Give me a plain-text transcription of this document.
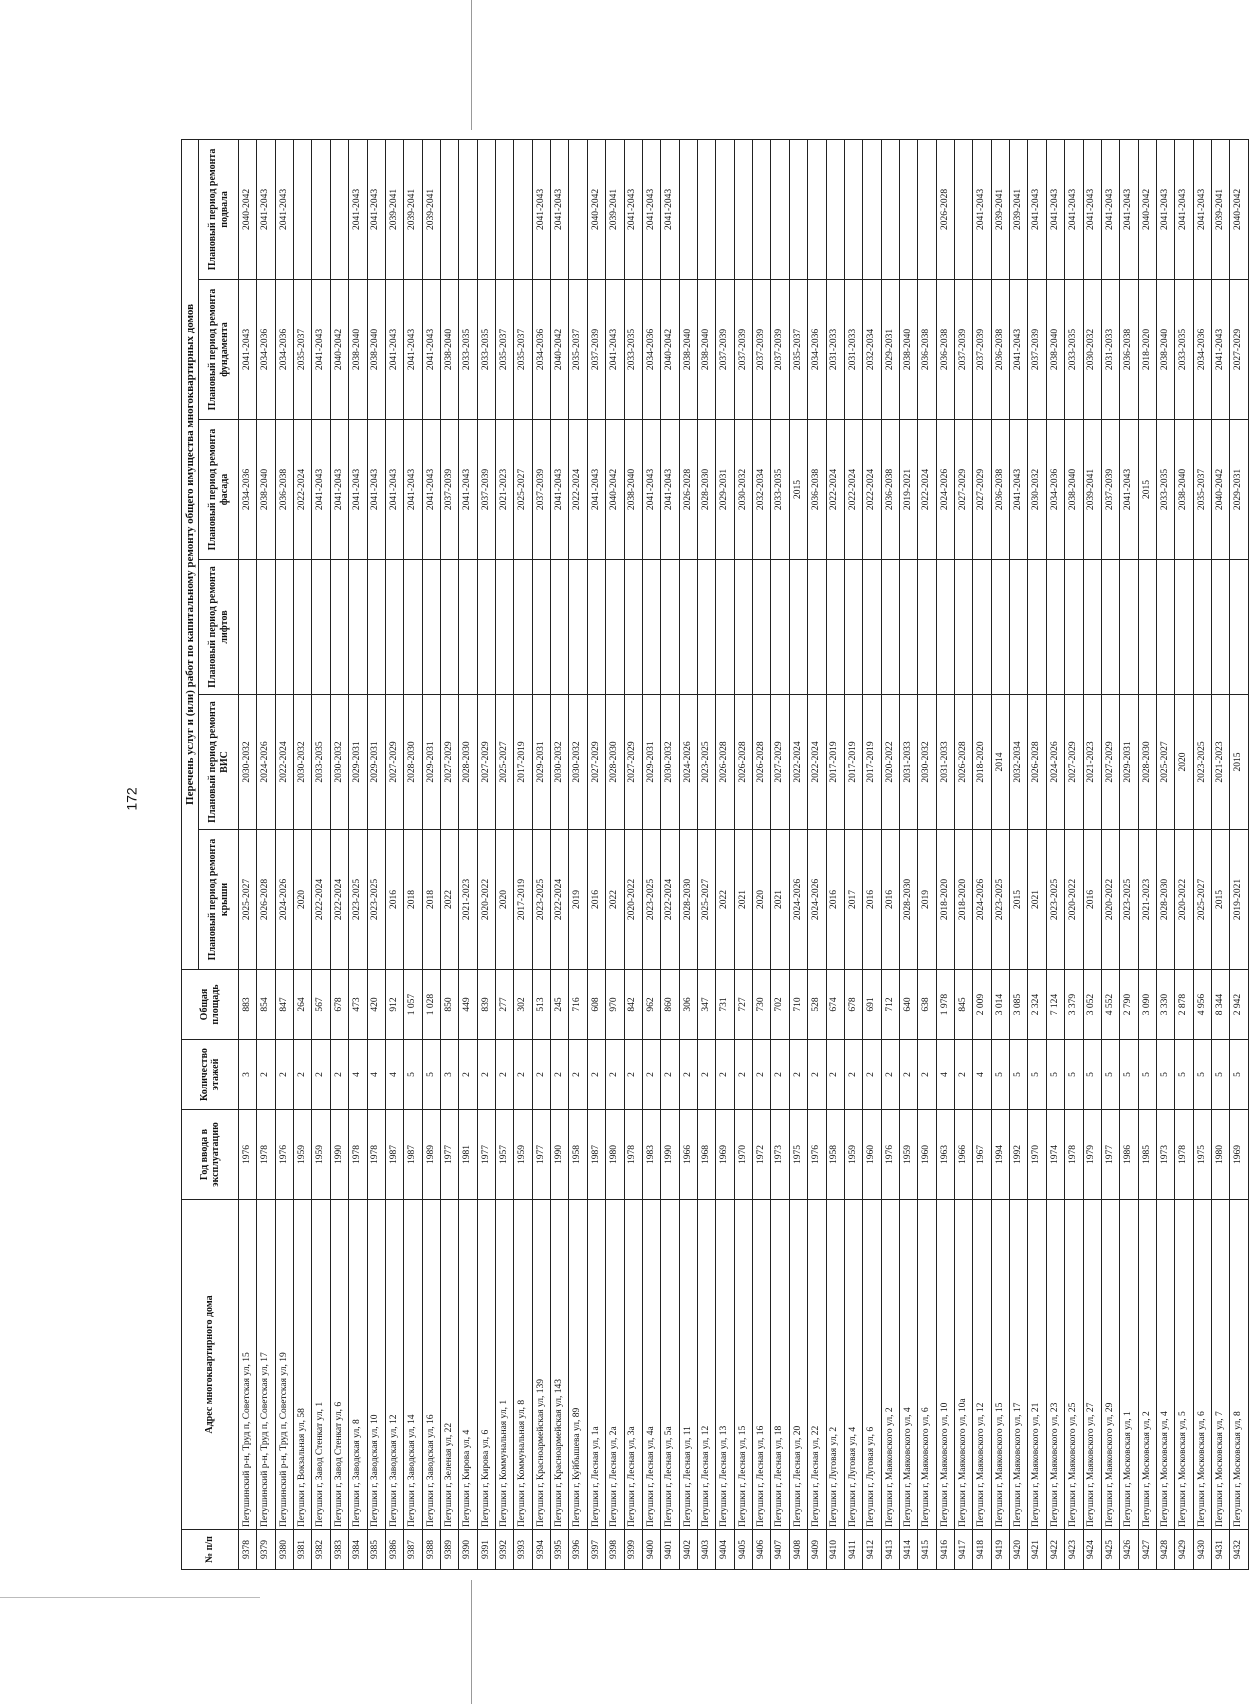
172
№ п/п	Адрес многоквартирного дома	Год ввода в эксплуатацию	Количество этажей	Общая площадь	Перечень услуг и (или) работ по капитальному ремонту общего имущества многоквартирных домов					
					Плановый период ремонта крыши	Плановый период ремонта ВИС	Плановый период ремонта лифтов	Плановый период ремонта фасада	Плановый период ремонта фундамента	Плановый период ремонта подвала
9378	Петушинский р-н, Труд п, Советская ул, 15	1976	3	883	2025-2027	2030-2032		2034-2036	2041-2043	2040-2042
9379	Петушинский р-н, Труд п, Советская ул, 17	1978	2	854	2026-2028	2024-2026		2038-2040	2034-2036	2041-2043
9380	Петушинский р-н, Труд п, Советская ул, 19	1976	2	847	2024-2026	2022-2024		2036-2038	2034-2036	2041-2043
9381	Петушки г, Вокзальная ул, 58	1959	2	264	2020	2030-2032		2022-2024	2035-2037	
9382	Петушки г, Завод Стенкат ул, 1	1959	2	567	2022-2024	2033-2035		2041-2043	2041-2043	
9383	Петушки г, Завод Стенкат ул, 6	1990	2	678	2022-2024	2030-2032		2041-2043	2040-2042	
9384	Петушки г, Заводская ул, 8	1978	4	473	2023-2025	2029-2031		2041-2043	2038-2040	2041-2043
9385	Петушки г, Заводская ул, 10	1978	4	420	2023-2025	2029-2031		2041-2043	2038-2040	2041-2043
9386	Петушки г, Заводская ул, 12	1987	4	912	2016	2027-2029		2041-2043	2041-2043	2039-2041
9387	Петушки г, Заводская ул, 14	1987	5	1 057	2018	2028-2030		2041-2043	2041-2043	2039-2041
9388	Петушки г, Заводская ул, 16	1989	5	1 028	2018	2029-2031		2041-2043	2041-2043	2039-2041
9389	Петушки г, Зеленая ул, 22	1977	3	850	2022	2027-2029		2037-2039	2038-2040	
9390	Петушки г, Кирова ул, 4	1981	2	449	2021-2023	2028-2030		2041-2043	2033-2035	
9391	Петушки г, Кирова ул, 6	1977	2	839	2020-2022	2027-2029		2037-2039	2033-2035	
9392	Петушки г, Коммунальная ул, 1	1957	2	277	2020	2025-2027		2021-2023	2035-2037	
9393	Петушки г, Коммунальная ул, 8	1959	2	302	2017-2019	2017-2019		2025-2027	2035-2037	
9394	Петушки г, Красноармейская ул, 139	1977	2	513	2023-2025	2029-2031		2037-2039	2034-2036	2041-2043
9395	Петушки г, Красноармейская ул, 143	1990	2	245	2022-2024	2030-2032		2041-2043	2040-2042	2041-2043
9396	Петушки г, Куйбышева ул, 89	1958	2	716	2019	2030-2032		2022-2024	2035-2037	
9397	Петушки г, Лесная ул, 1а	1987	2	608	2016	2027-2029		2041-2043	2037-2039	2040-2042
9398	Петушки г, Лесная ул, 2а	1980	2	970	2022	2028-2030		2040-2042	2041-2043	2039-2041
9399	Петушки г, Лесная ул, 3а	1978	2	842	2020-2022	2027-2029		2038-2040	2033-2035	2041-2043
9400	Петушки г, Лесная ул, 4а	1983	2	962	2023-2025	2029-2031		2041-2043	2034-2036	2041-2043
9401	Петушки г, Лесная ул, 5а	1990	2	860	2022-2024	2030-2032		2041-2043	2040-2042	2041-2043
9402	Петушки г, Лесная ул, 11	1966	2	306	2028-2030	2024-2026		2026-2028	2038-2040	
9403	Петушки г, Лесная ул, 12	1968	2	347	2025-2027	2023-2025		2028-2030	2038-2040	
9404	Петушки г, Лесная ул, 13	1969	2	731	2022	2026-2028		2029-2031	2037-2039	
9405	Петушки г, Лесная ул, 15	1970	2	727	2021	2026-2028		2030-2032	2037-2039	
9406	Петушки г, Лесная ул, 16	1972	2	730	2020	2026-2028		2032-2034	2037-2039	
9407	Петушки г, Лесная ул, 18	1973	2	702	2021	2027-2029		2033-2035	2037-2039	
9408	Петушки г, Лесная ул, 20	1975	2	710	2024-2026	2022-2024		2015	2035-2037	
9409	Петушки г, Лесная ул, 22	1976	2	528	2024-2026	2022-2024		2036-2038	2034-2036	
9410	Петушки г, Луговая ул, 2	1958	2	674	2016	2017-2019		2022-2024	2031-2033	
9411	Петушки г, Луговая ул, 4	1959	2	678	2017	2017-2019		2022-2024	2031-2033	
9412	Петушки г, Луговая ул, 6	1960	2	691	2016	2017-2019		2022-2024	2032-2034	
9413	Петушки г, Маяковского ул, 2	1976	2	712	2016	2020-2022		2036-2038	2029-2031	
9414	Петушки г, Маяковского ул, 4	1959	2	640	2028-2030	2031-2033		2019-2021	2038-2040	
9415	Петушки г, Маяковского ул, 6	1960	2	638	2019	2030-2032		2022-2024	2036-2038	
9416	Петушки г, Маяковского ул, 10	1963	4	1 978	2018-2020	2031-2033		2024-2026	2036-2038	2026-2028
9417	Петушки г, Маяковского ул, 10а	1966	2	845	2018-2020	2026-2028		2027-2029	2037-2039	
9418	Петушки г, Маяковского ул, 12	1967	4	2 009	2024-2026	2018-2020		2027-2029	2037-2039	2041-2043
9419	Петушки г, Маяковского ул, 15	1994	5	3 014	2023-2025	2014		2036-2038	2036-2038	2039-2041
9420	Петушки г, Маяковского ул, 17	1992	5	3 085	2015	2032-2034		2041-2043	2041-2043	2039-2041
9421	Петушки г, Маяковского ул, 21	1970	5	2 324	2021	2026-2028		2030-2032	2037-2039	2041-2043
9422	Петушки г, Маяковского ул, 23	1974	5	7 124	2023-2025	2024-2026		2034-2036	2038-2040	2041-2043
9423	Петушки г, Маяковского ул, 25	1978	5	3 379	2020-2022	2027-2029		2038-2040	2033-2035	2041-2043
9424	Петушки г, Маяковского ул, 27	1979	5	3 052	2016	2021-2023		2039-2041	2030-2032	2041-2043
9425	Петушки г, Маяковского ул, 29	1977	5	4 552	2020-2022	2027-2029		2037-2039	2031-2033	2041-2043
9426	Петушки г, Московская ул, 1	1986	5	2 790	2023-2025	2029-2031		2041-2043	2036-2038	2041-2043
9427	Петушки г, Московская ул, 2	1985	5	3 090	2021-2023	2028-2030		2015	2018-2020	2040-2042
9428	Петушки г, Московская ул, 4	1973	5	3 330	2028-2030	2025-2027		2033-2035	2038-2040	2041-2043
9429	Петушки г, Московская ул, 5	1978	5	2 878	2020-2022	2020		2038-2040	2033-2035	2041-2043
9430	Петушки г, Московская ул, 6	1975	5	4 956	2025-2027	2023-2025		2035-2037	2034-2036	2041-2043
9431	Петушки г, Московская ул, 7	1980	5	8 344	2015	2021-2023		2040-2042	2041-2043	2039-2041
9432	Петушки г, Московская ул, 8	1969	5	2 942	2019-2021	2015		2029-2031	2027-2029	2040-2042
